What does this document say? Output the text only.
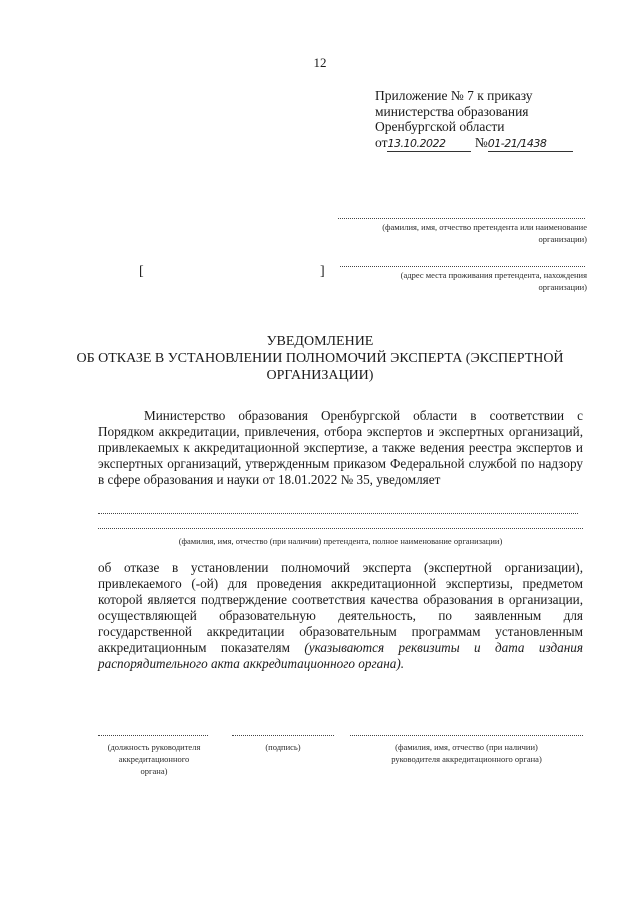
12
Приложение № 7 к приказу
министерства образования
Оренбургской области
от13.10.2022 №01-21/1438
(фамилия, имя, отчество претендента или наименование
организации)
[	]	(адрес места проживания претендента, нахождения
организации)
УВЕДОМЛЕНИЕ
ОБ ОТКАЗЕ В УСТАНОВЛЕНИИ ПОЛНОМОЧИЙ ЭКСПЕРТА (ЭКСПЕРТНОЙ
ОРГАНИЗАЦИИ)
Министерство образования Оренбургской области в соответствии с Порядком аккредитации, привлечения, отбора экспертов и экспертных организаций, привлекаемых к аккредитационной экспертизе, а также ведения реестра экспертов и экспертных организаций, утвержденным приказом Федеральной службой по надзору в сфере образования и науки от 18.01.2022 № 35, уведомляет
(фамилия, имя, отчество (при наличии) претендента, полное наименование организации)
об отказе в установлении полномочий эксперта (экспертной организации), привлекаемого (-ой) для проведения аккредитационной экспертизы, предметом которой является подтверждение соответствия качества образования в организации, осуществляющей образовательную деятельность, по заявленным для государственной аккредитации образовательным программам установленным аккредитационным показателям (указываются реквизиты и дата издания распорядительного акта аккредитационного органа).
(должность руководителя
аккредитационного
органа)
(подпись)	(фамилия, имя, отчество (при наличии)
руководителя аккредитационного органа)
